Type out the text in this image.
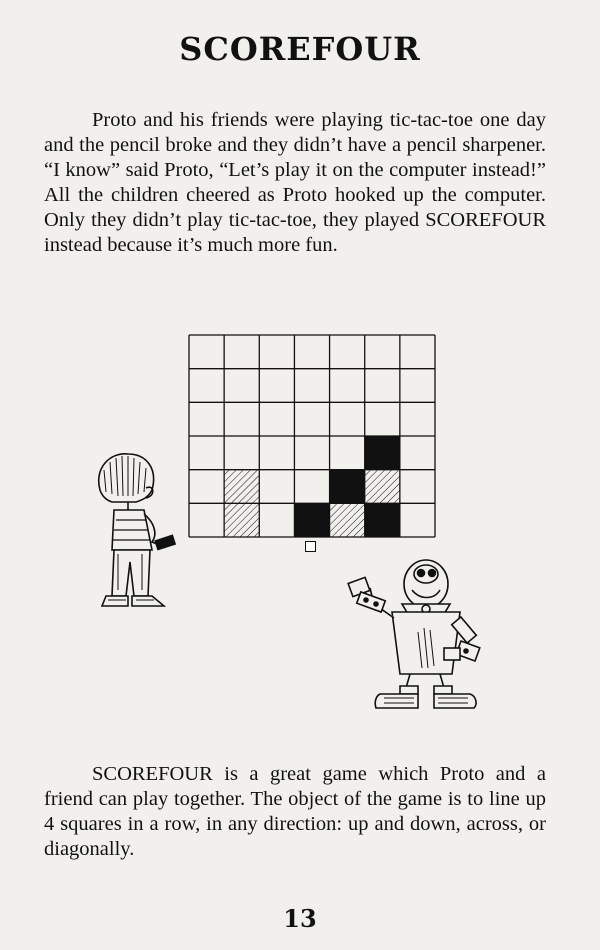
SCOREFOUR
Proto and his friends were playing tic-tac-toe one day and the pencil broke and they didn’t have a pencil sharpener. “I know” said Proto, “Let’s play it on the computer instead!” All the children cheered as Proto hooked up the computer. Only they didn’t play tic-tac-toe, they played SCOREFOUR instead because it’s much more fun.
SCOREFOUR is a great game which Proto and a friend can play together. The object of the game is to line up 4 squares in a row, in any direction: up and down, across, or diagonally.
13
